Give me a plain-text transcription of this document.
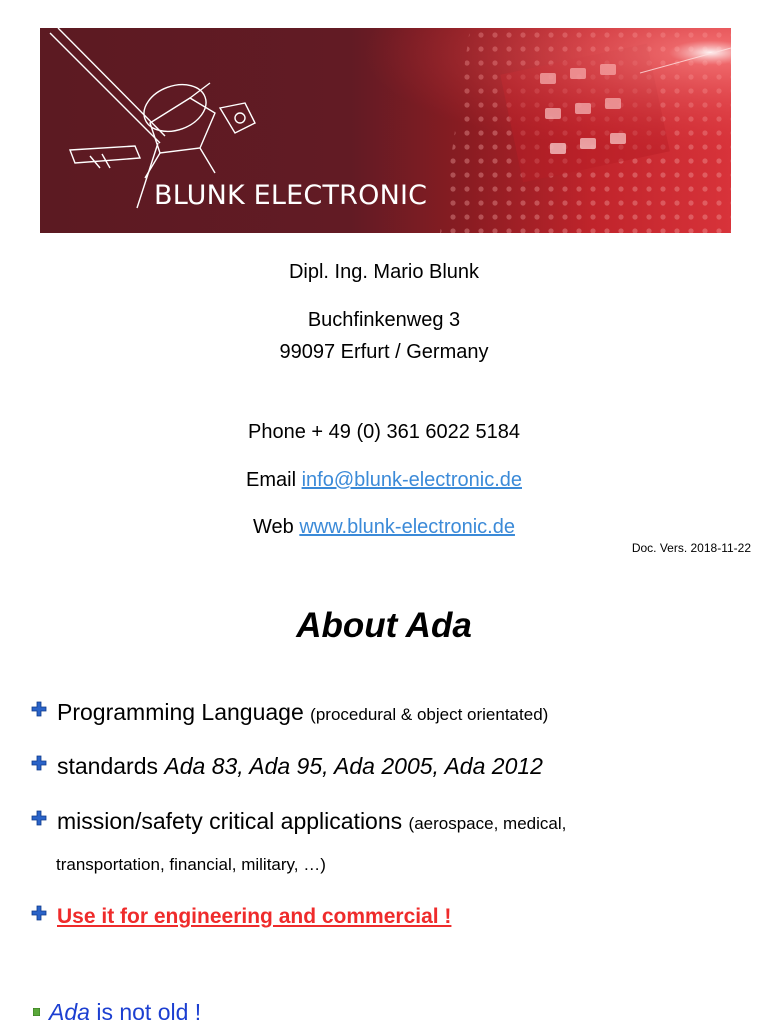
BLUNK ELECTRONIC
Dipl. Ing. Mario Blunk
Buchfinkenweg 3
99097 Erfurt / Germany
Phone + 49 (0) 361 6022 5184
Email info@blunk-electronic.de
Web www.blunk-electronic.de
Doc. Vers. 2018-11-22
About Ada
Programming Language (procedural & object orientated)
standards Ada 83, Ada 95, Ada 2005, Ada 2012
mission/safety critical applications (aerospace, medical,
transportation, financial, military, …)
Use it for engineering and commercial !
Ada is not old !
